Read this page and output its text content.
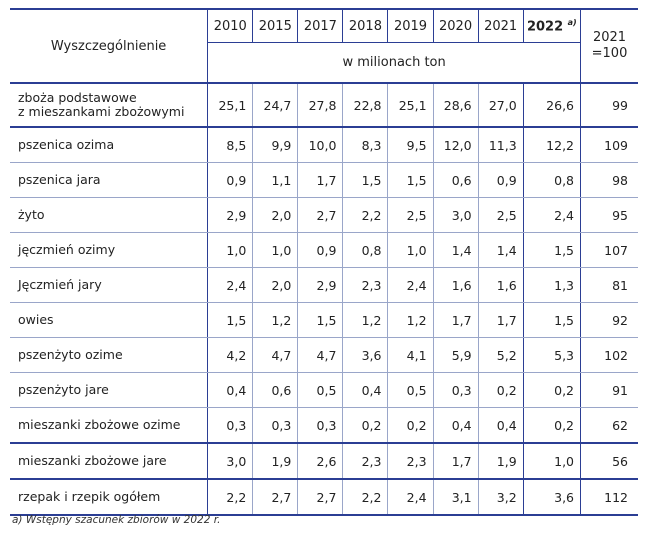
Wyszczególnienie	2010	2015	2017	2018	2019	2020	2021	2022 $^{a)}$	2021
=100
	w milionach ton								
zboża podstawowe
z mieszankami zbożowymi	25,1	24,7	27,8	22,8	25,1	28,6	27,0	26,6	99
pszenica ozima	8,5	9,9	10,0	8,3	9,5	12,0	11,3	12,2	109
pszenica jara	0,9	1,1	1,7	1,5	1,5	0,6	0,9	0,8	98
żyto	2,9	2,0	2,7	2,2	2,5	3,0	2,5	2,4	95
jęczmień ozimy	1,0	1,0	0,9	0,8	1,0	1,4	1,4	1,5	107
Jęczmień jary	2,4	2,0	2,9	2,3	2,4	1,6	1,6	1,3	81
owies	1,5	1,2	1,5	1,2	1,2	1,7	1,7	1,5	92
pszenżyto ozime	4,2	4,7	4,7	3,6	4,1	5,9	5,2	5,3	102
pszenżyto jare	0,4	0,6	0,5	0,4	0,5	0,3	0,2	0,2	91
mieszanki zbożowe ozime	0,3	0,3	0,3	0,2	0,2	0,4	0,4	0,2	62
mieszanki zbożowe jare	3,0	1,9	2,6	2,3	2,3	1,7	1,9	1,0	56
rzepak i rzepik ogółem	2,2	2,7	2,7	2,2	2,4	3,1	3,2	3,6	112
a) Wstępny szacunek zbiorów w 2022 r.
